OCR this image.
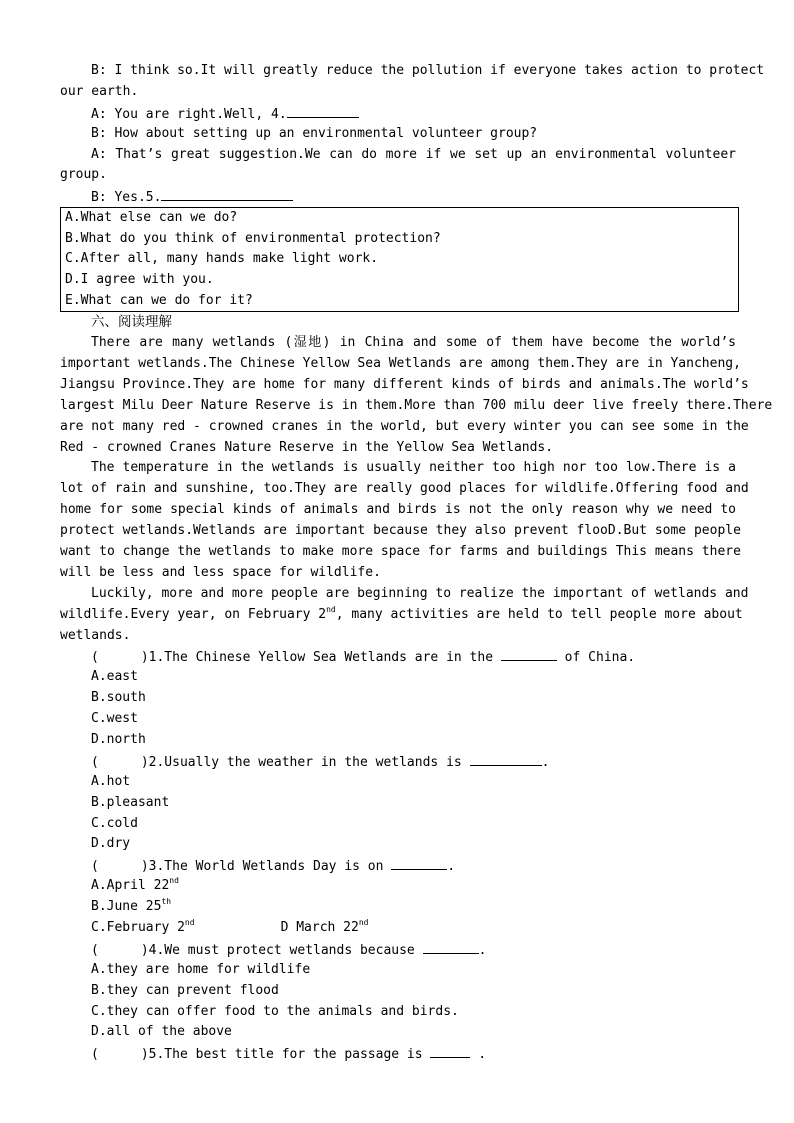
B: I think so.It will greatly reduce the pollution if everyone takes action to protect
our earth.
A: You are right.Well, 4.
B: How about setting up an environmental volunteer group?
A: That’s great suggestion.We can do more if we set up an environmental volunteer
group.
B: Yes.5.
A.What else can we do?
B.What do you think of environmental protection?
C.After all, many hands make light work.
D.I agree with you.
E.What can we do for it?
六、阅读理解
There are many wetlands (湿地) in China and some of them have become the world’s
important wetlands.The Chinese Yellow Sea Wetlands are among them.They are in Yancheng,
Jiangsu Province.They are home for many different kinds of birds and animals.The world’s
largest Milu Deer Nature Reserve is in them.More than 700 milu deer live freely there.There
are not many red - crowned cranes in the world, but every winter you can see some in the
Red - crowned Cranes Nature Reserve in the Yellow Sea Wetlands.
The temperature in the wetlands is usually neither too high nor too low.There is a
lot of rain and sunshine, too.They are really good places for wildlife.Offering food and
home for some special kinds of animals and birds is not the only reason why we need to
protect wetlands.Wetlands are important because they also prevent flooD.But some people
want to change the wetlands to make more space for farms and buildings This means there
will be less and less space for wildlife.
Luckily, more and more people are beginning to realize the important of wetlands and
wildlife.Every year, on February 2nd, many activities are held to tell people more about
wetlands.
(	)1.The Chinese Yellow Sea Wetlands are in the	of China.
A.east
B.south
C.west
D.north
(	)2.Usually the weather in the wetlands is	.
A.hot
B.pleasant
C.cold
D.dry
(	)3.The World Wetlands Day is on	.
A.April 22nd
B.June 25th
C.February 2nd	D March 22nd
(	)4.We must protect wetlands because	.
A.they are home for wildlife
B.they can prevent flood
C.they can offer food to the animals and birds.
D.all of the above
(	)5.The best title for the passage is	.
